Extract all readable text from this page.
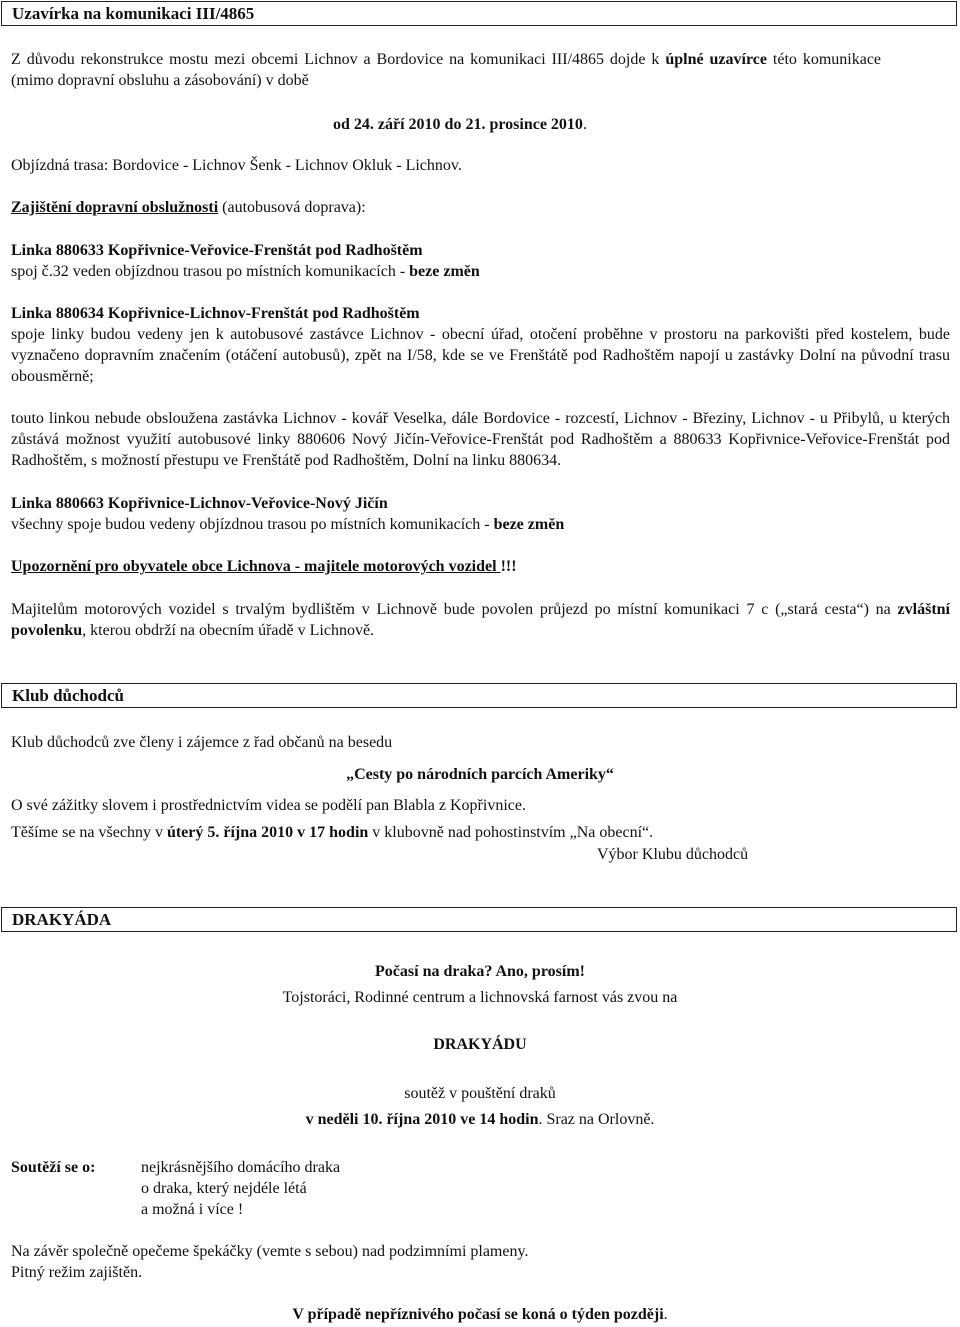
Uzavírka na komunikaci III/4865
Z důvodu rekonstrukce mostu mezi obcemi Lichnov a Bordovice na komunikaci III/4865 dojde k úplné uzavírce této komunikace (mimo dopravní obsluhu a zásobování) v době
od 24. září 2010 do 21. prosince 2010.
Objízdná trasa: Bordovice - Lichnov Šenk - Lichnov Okluk - Lichnov.
Zajištění dopravní obslužnosti (autobusová doprava):
Linka 880633 Kopřivnice-Veřovice-Frenštát pod Radhoštěm
spoj č.32 veden objízdnou trasou po místních komunikacích - beze změn
Linka 880634 Kopřivnice-Lichnov-Frenštát pod Radhoštěm
spoje linky budou vedeny jen k autobusové zastávce Lichnov - obecní úřad, otočení proběhne v prostoru na parkovišti před kostelem, bude vyznačeno dopravním značením (otáčení autobusů), zpět na I/58, kde se ve Frenštátě pod Radhoštěm napojí u zastávky Dolní na původní trasu obousměrně;
touto linkou nebude obsloužena zastávka Lichnov - kovář Veselka, dále Bordovice - rozcestí, Lichnov - Březiny, Lichnov - u Přibylů, u kterých zůstává možnost využití autobusové linky 880606 Nový Jičín-Veřovice-Frenštát pod Radhoštěm a 880633 Kopřivnice-Veřovice-Frenštát pod Radhoštěm, s možností přestupu ve Frenštátě pod Radhoštěm, Dolní na linku 880634.
Linka 880663 Kopřivnice-Lichnov-Veřovice-Nový Jičín
všechny spoje budou vedeny objízdnou trasou po místních komunikacích - beze změn
Upozornění pro obyvatele obce Lichnova - majitele motorových vozidel !!!
Majitelům motorových vozidel s trvalým bydlištěm v Lichnově bude povolen průjezd po místní komunikaci 7 c („stará cesta“) na zvláštní povolenku, kterou obdrží na obecním úřadě v Lichnově.
Klub důchodců
Klub důchodců zve členy i zájemce z řad občanů na besedu
„Cesty po národních parcích Ameriky“
O své zážitky slovem i prostřednictvím videa se podělí pan Blabla z Kopřivnice.
Těšíme se na všechny v úterý 5. října 2010 v 17 hodin v klubovně nad pohostinstvím „Na obecní“.
Výbor Klubu důchodců
DRAKYÁDA
Počasí na draka? Ano, prosím!
Tojstoráci, Rodinné centrum a lichnovská farnost vás zvou na
DRAKYÁDU
soutěž v pouštění draků
v neděli 10. října 2010 ve 14 hodin. Sraz na Orlovně.
Soutěží se o:	nejkrásnějšího domácího draka
o draka, který nejdéle létá
a možná i více !
Na závěr společně opečeme špekáčky (vemte s sebou) nad podzimními plameny.
Pitný režim zajištěn.
V případě nepříznivého počasí se koná o týden později.
